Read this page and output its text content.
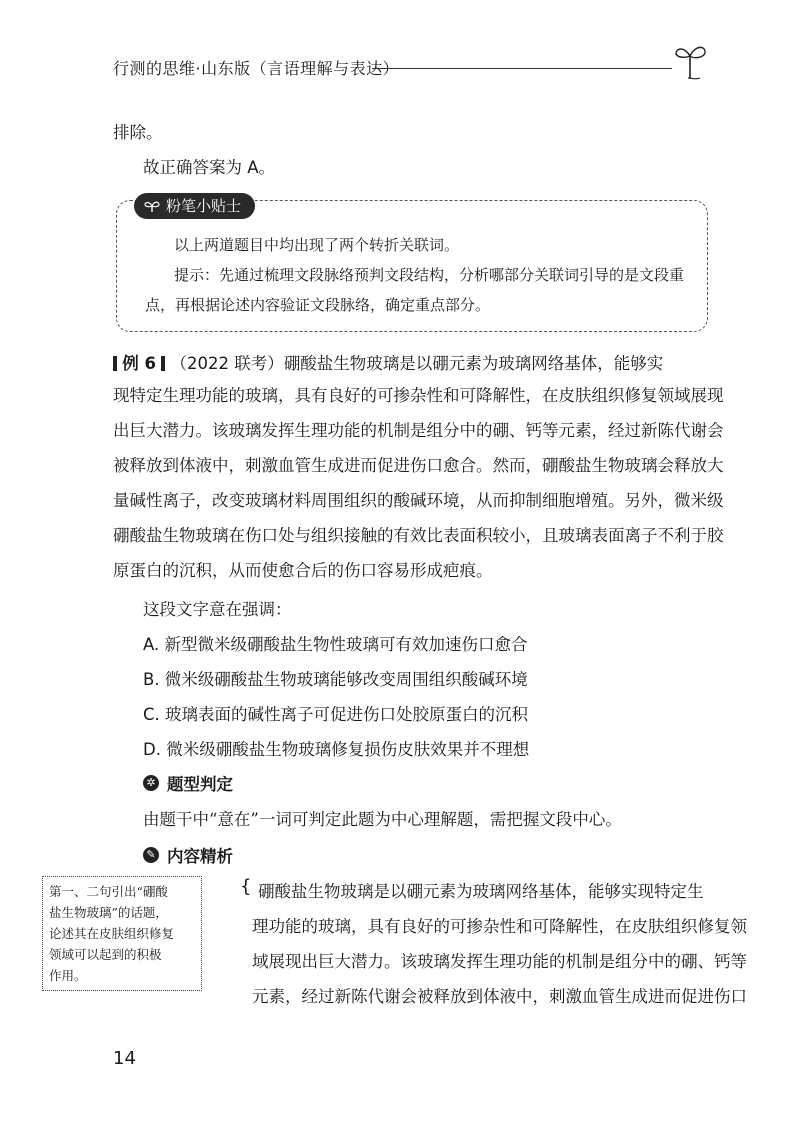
行测的思维·山东版（言语理解与表达）
排除。
故正确答案为 A。
粉笔小贴士
以上两道题目中均出现了两个转折关联词。
提示：先通过梳理文段脉络预判文段结构，分析哪部分关联词引导的是文段重
点，再根据论述内容验证文段脉络，确定重点部分。
例 6 （2022 联考）硼酸盐生物玻璃是以硼元素为玻璃网络基体，能够实
现特定生理功能的玻璃，具有良好的可掺杂性和可降解性，在皮肤组织修复领域展现
出巨大潜力。该玻璃发挥生理功能的机制是组分中的硼、钙等元素，经过新陈代谢会
被释放到体液中，刺激血管生成进而促进伤口愈合。然而，硼酸盐生物玻璃会释放大
量碱性离子，改变玻璃材料周围组织的酸碱环境，从而抑制细胞增殖。另外，微米级
硼酸盐生物玻璃在伤口处与组织接触的有效比表面积较小，且玻璃表面离子不利于胶
原蛋白的沉积，从而使愈合后的伤口容易形成疤痕。
这段文字意在强调：
A. 新型微米级硼酸盐生物性玻璃可有效加速伤口愈合
B. 微米级硼酸盐生物玻璃能够改变周围组织酸碱环境
C. 玻璃表面的碱性离子可促进伤口处胶原蛋白的沉积
D. 微米级硼酸盐生物玻璃修复损伤皮肤效果并不理想
✲ 题型判定
由题干中“意在”一词可判定此题为中心理解题，需把握文段中心。
✎ 内容精析
第一、二句引出“硼酸
盐生物玻璃”的话题，
论述其在皮肤组织修复
领域可以起到的积极
作用。
{ 硼酸盐生物玻璃是以硼元素为玻璃网络基体，能够实现特定生
理功能的玻璃，具有良好的可掺杂性和可降解性，在皮肤组织修复领
域展现出巨大潜力。该玻璃发挥生理功能的机制是组分中的硼、钙等
元素，经过新陈代谢会被释放到体液中，刺激血管生成进而促进伤口
14
